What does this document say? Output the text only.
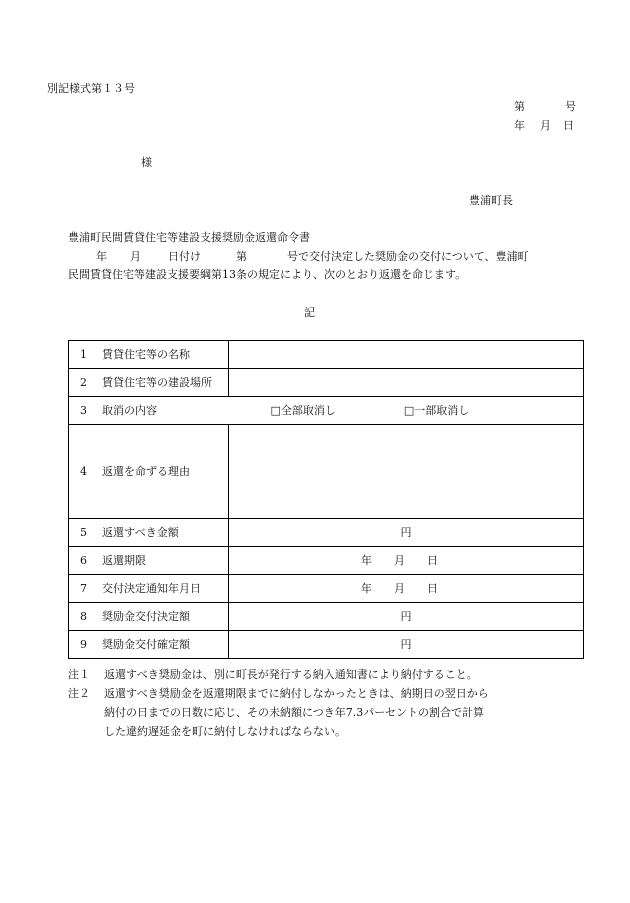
別記様式第１３号
第	号
年 月 日
様
豊浦町長
豊浦町民間賃貸住宅等建設支援奨励金返還命令書
年 月 日付け	第	号で交付決定した奨励金の交付について、豊浦町
民間賃貸住宅等建設支援要綱第13条の規定により、次のとおり返還を命じます。
記
1 賃貸住宅等の名称	
2 賃貸住宅等の建設場所	
3 取消の内容	□全部取消し □一部取消し
4 返還を命ずる理由	
5 返還すべき金額	円
6 返還期限	年 月 日
7 交付決定通知年月日	年 月 日
8 奨励金交付決定額	円
9 奨励金交付確定額	円
注１ 返還すべき奨励金は、別に町長が発行する納入通知書により納付すること。
注２ 返還すべき奨励金を返還期限までに納付しなかったときは、納期日の翌日から
納付の日までの日数に応じ、その未納額につき年7.3パーセントの割合で計算
した違約遅延金を町に納付しなければならない。
